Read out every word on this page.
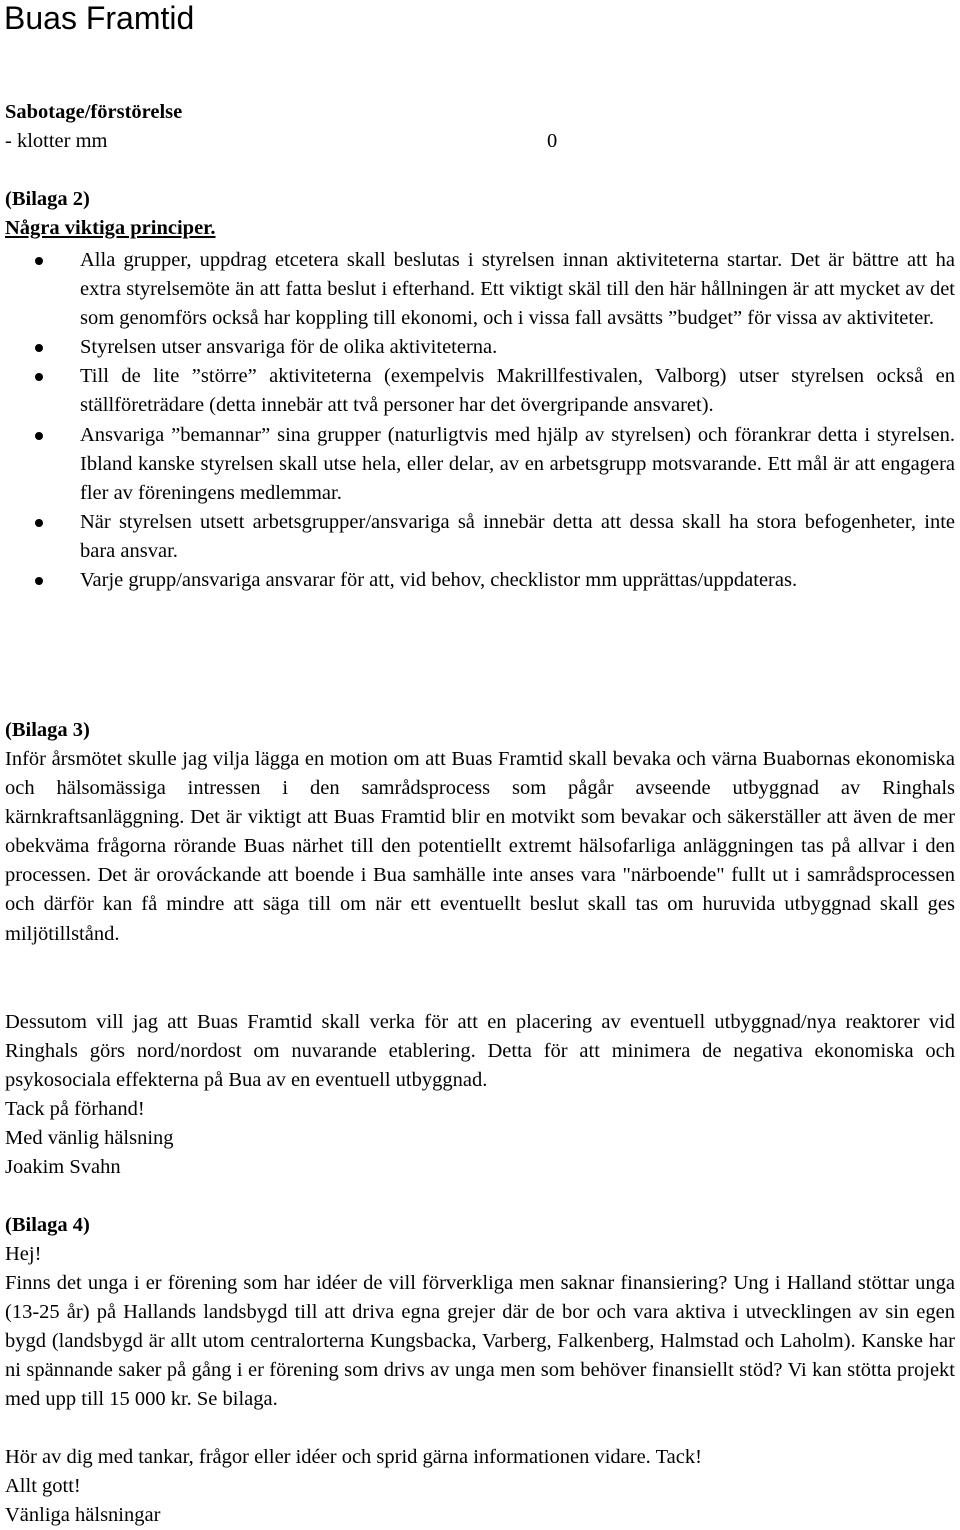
Buas Framtid
Sabotage/förstörelse
- klotter mm	0
(Bilaga 2)
Några viktiga principer.
Alla grupper, uppdrag etcetera skall beslutas i styrelsen innan aktiviteterna startar. Det är bättre att ha extra styrelsemöte än att fatta beslut i efterhand. Ett viktigt skäl till den här hållningen är att mycket av det som genomförs också har koppling till ekonomi, och i vissa fall avsätts ”budget” för vissa av aktiviteter.
Styrelsen utser ansvariga för de olika aktiviteterna.
Till de lite ”större” aktiviteterna (exempelvis Makrillfestivalen, Valborg) utser styrelsen också en ställföreträdare (detta innebär att två personer har det övergripande ansvaret).
Ansvariga ”bemannar” sina grupper (naturligtvis med hjälp av styrelsen) och förankrar detta i styrelsen. Ibland kanske styrelsen skall utse hela, eller delar, av en arbetsgrupp motsvarande. Ett mål är att engagera fler av föreningens medlemmar.
När styrelsen utsett arbetsgrupper/ansvariga så innebär detta att dessa skall ha stora befogenheter, inte bara ansvar.
Varje grupp/ansvariga ansvarar för att, vid behov, checklistor mm upprättas/uppdateras.
(Bilaga 3)
Inför årsmötet skulle jag vilja lägga en motion om att Buas Framtid skall bevaka och värna Buabornas ekonomiska och hälsomässiga intressen i den samrådsprocess som pågår avseende utbyggnad av Ringhals kärnkraftsanläggning. Det är viktigt att Buas Framtid blir en motvikt som bevakar och säkerställer att även de mer obekväma frågorna rörande Buas närhet till den potentiellt extremt hälsofarliga anläggningen tas på allvar i den processen. Det är orováckande att boende i Bua samhälle inte anses vara "närboende" fullt ut i samrådsprocessen och därför kan få mindre att säga till om när ett eventuellt beslut skall tas om huruvida utbyggnad skall ges miljötillstånd.
Dessutom vill jag att Buas Framtid skall verka för att en placering av eventuell utbyggnad/nya reaktorer vid Ringhals görs nord/nordost om nuvarande etablering. Detta för att minimera de negativa ekonomiska och psykosociala effekterna på Bua av en eventuell utbyggnad.
Tack på förhand!
Med vänlig hälsning
Joakim Svahn
(Bilaga 4)
Hej!
Finns det unga i er förening som har idéer de vill förverkliga men saknar finansiering? Ung i Halland stöttar unga (13-25 år) på Hallands landsbygd till att driva egna grejer där de bor och vara aktiva i utvecklingen av sin egen bygd (landsbygd är allt utom centralorterna Kungsbacka, Varberg, Falkenberg, Halmstad och Laholm). Kanske har ni spännande saker på gång i er förening som drivs av unga men som behöver finansiellt stöd? Vi kan stötta projekt med upp till 15 000 kr. Se bilaga.
Hör av dig med tankar, frågor eller idéer och sprid gärna informationen vidare. Tack!
Allt gott!
Vänliga hälsningar
